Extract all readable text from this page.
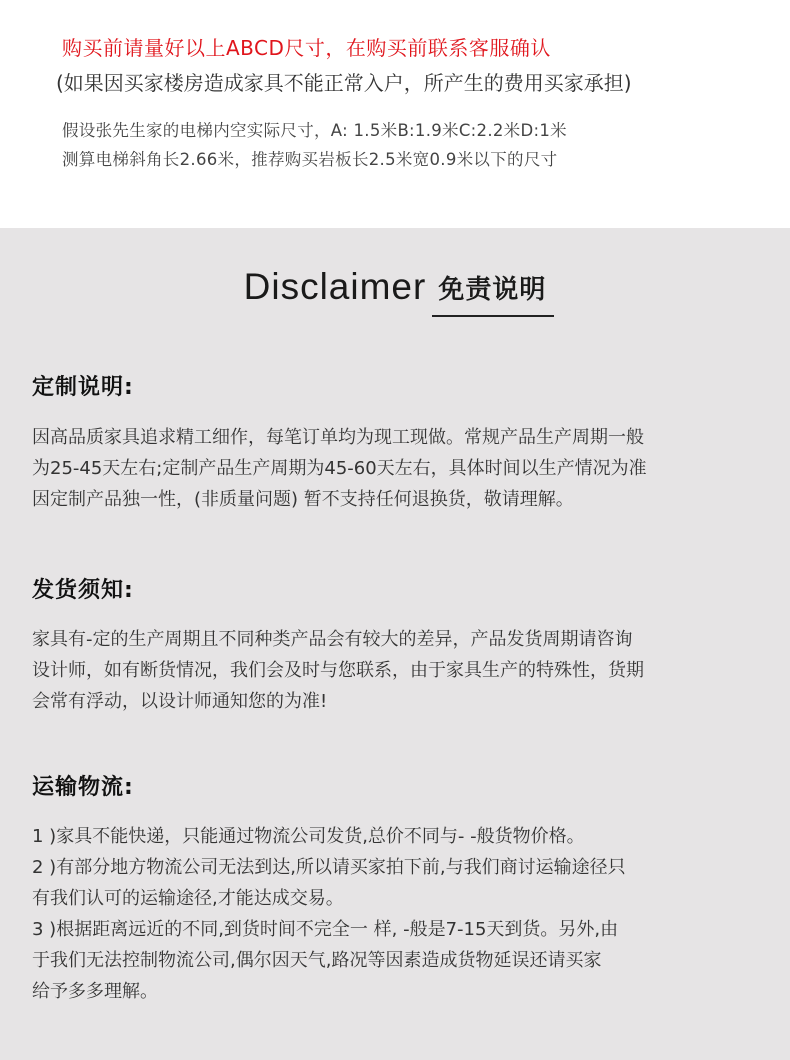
购买前请量好以上ABCD尺寸，在购买前联系客服确认

(如果因买家楼房造成家具不能正常入户，所产生的费用买家承担)

假设张先生家的电梯内空实际尺寸，A: 1.5米B:1.9米C:2.2米D:1米

测算电梯斜角长2.66米，推荐购买岩板长2.5米宽0.9米以下的尺寸

Disclaimer 免责说明
定制说明:

因高品质家具追求精工细作，每笔订单均为现工现做。常规产品生产周期一般

为25-45天左右;定制产品生产周期为45-60天左右，具体时间以生产情况为准

因定制产品独一性，(非质量问题) 暂不支持任何退换货，敬请理解。

发货须知:

家具有-定的生产周期且不同种类产品会有较大的差异，产品发货周期请咨询

设计师，如有断货情况，我们会及时与您联系，由于家具生产的特殊性，货期

会常有浮动，以设计师通知您的为准!

运输物流:

1 )家具不能快递，只能通过物流公司发货,总价不同与- -般货物价格。

2 )有部分地方物流公司无法到达,所以请买家拍下前,与我们商讨运输途径只

有我们认可的运输途径,才能达成交易。

3 )根据距离远近的不同,到货时间不完全一 样, -般是7-15天到货。另外,由

于我们无法控制物流公司,偶尔因天气,路况等因素造成货物延误还请买家

给予多多理解。
